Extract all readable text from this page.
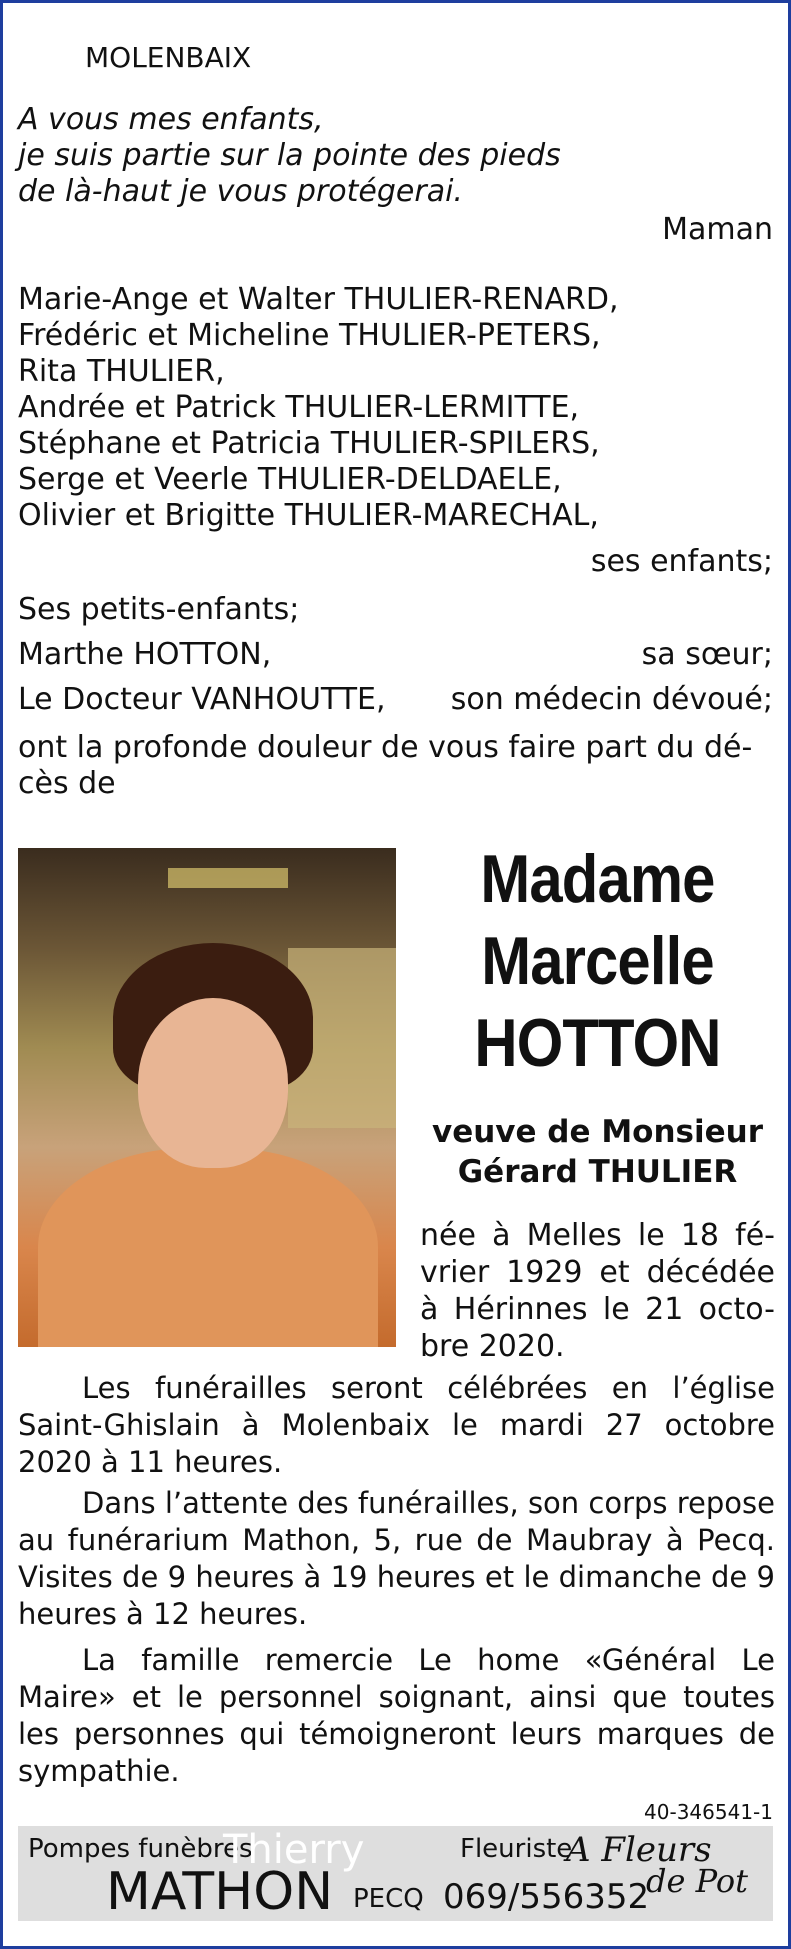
MOLENBAIX
A vous mes enfants,
je suis partie sur la pointe des pieds
de là-haut je vous protégerai.
Maman
Marie-Ange et Walter THULIER-RENARD,
Frédéric et Micheline THULIER-PETERS,
Rita THULIER,
Andrée et Patrick THULIER-LERMITTE,
Stéphane et Patricia THULIER-SPILERS,
Serge et Veerle THULIER-DELDAELE,
Olivier et Brigitte THULIER-MARECHAL,
ses enfants;
Ses petits-enfants;
Marthe HOTTON,	sa sœur;
Le Docteur VANHOUTTE, son médecin dévoué;
ont la profonde douleur de vous faire part du dé-
cès de
Madame
Marcelle
HOTTON
veuve de Monsieur
Gérard THULIER
née à Melles le 18 fé-
vrier 1929 et décédée
à Hérinnes le 21 octo-
bre 2020.
Les funérailles seront célébrées en l’église Saint-Ghislain à Molenbaix le mardi 27 octobre 2020 à 11 heures.
Dans l’attente des funérailles, son corps repose au funérarium Mathon, 5, rue de Maubray à Pecq. Visites de 9 heures à 19 heures et le dimanche de 9 heures à 12 heures.
La famille remercie Le home «Général Le Maire» et le personnel soignant, ainsi que toutes les personnes qui témoigneront leurs marques de sympathie.
40-346541-1
Pompes funèbres
Thierry
MATHON PECQ 069/556352
Fleuriste
A Fleurs
de Pot
